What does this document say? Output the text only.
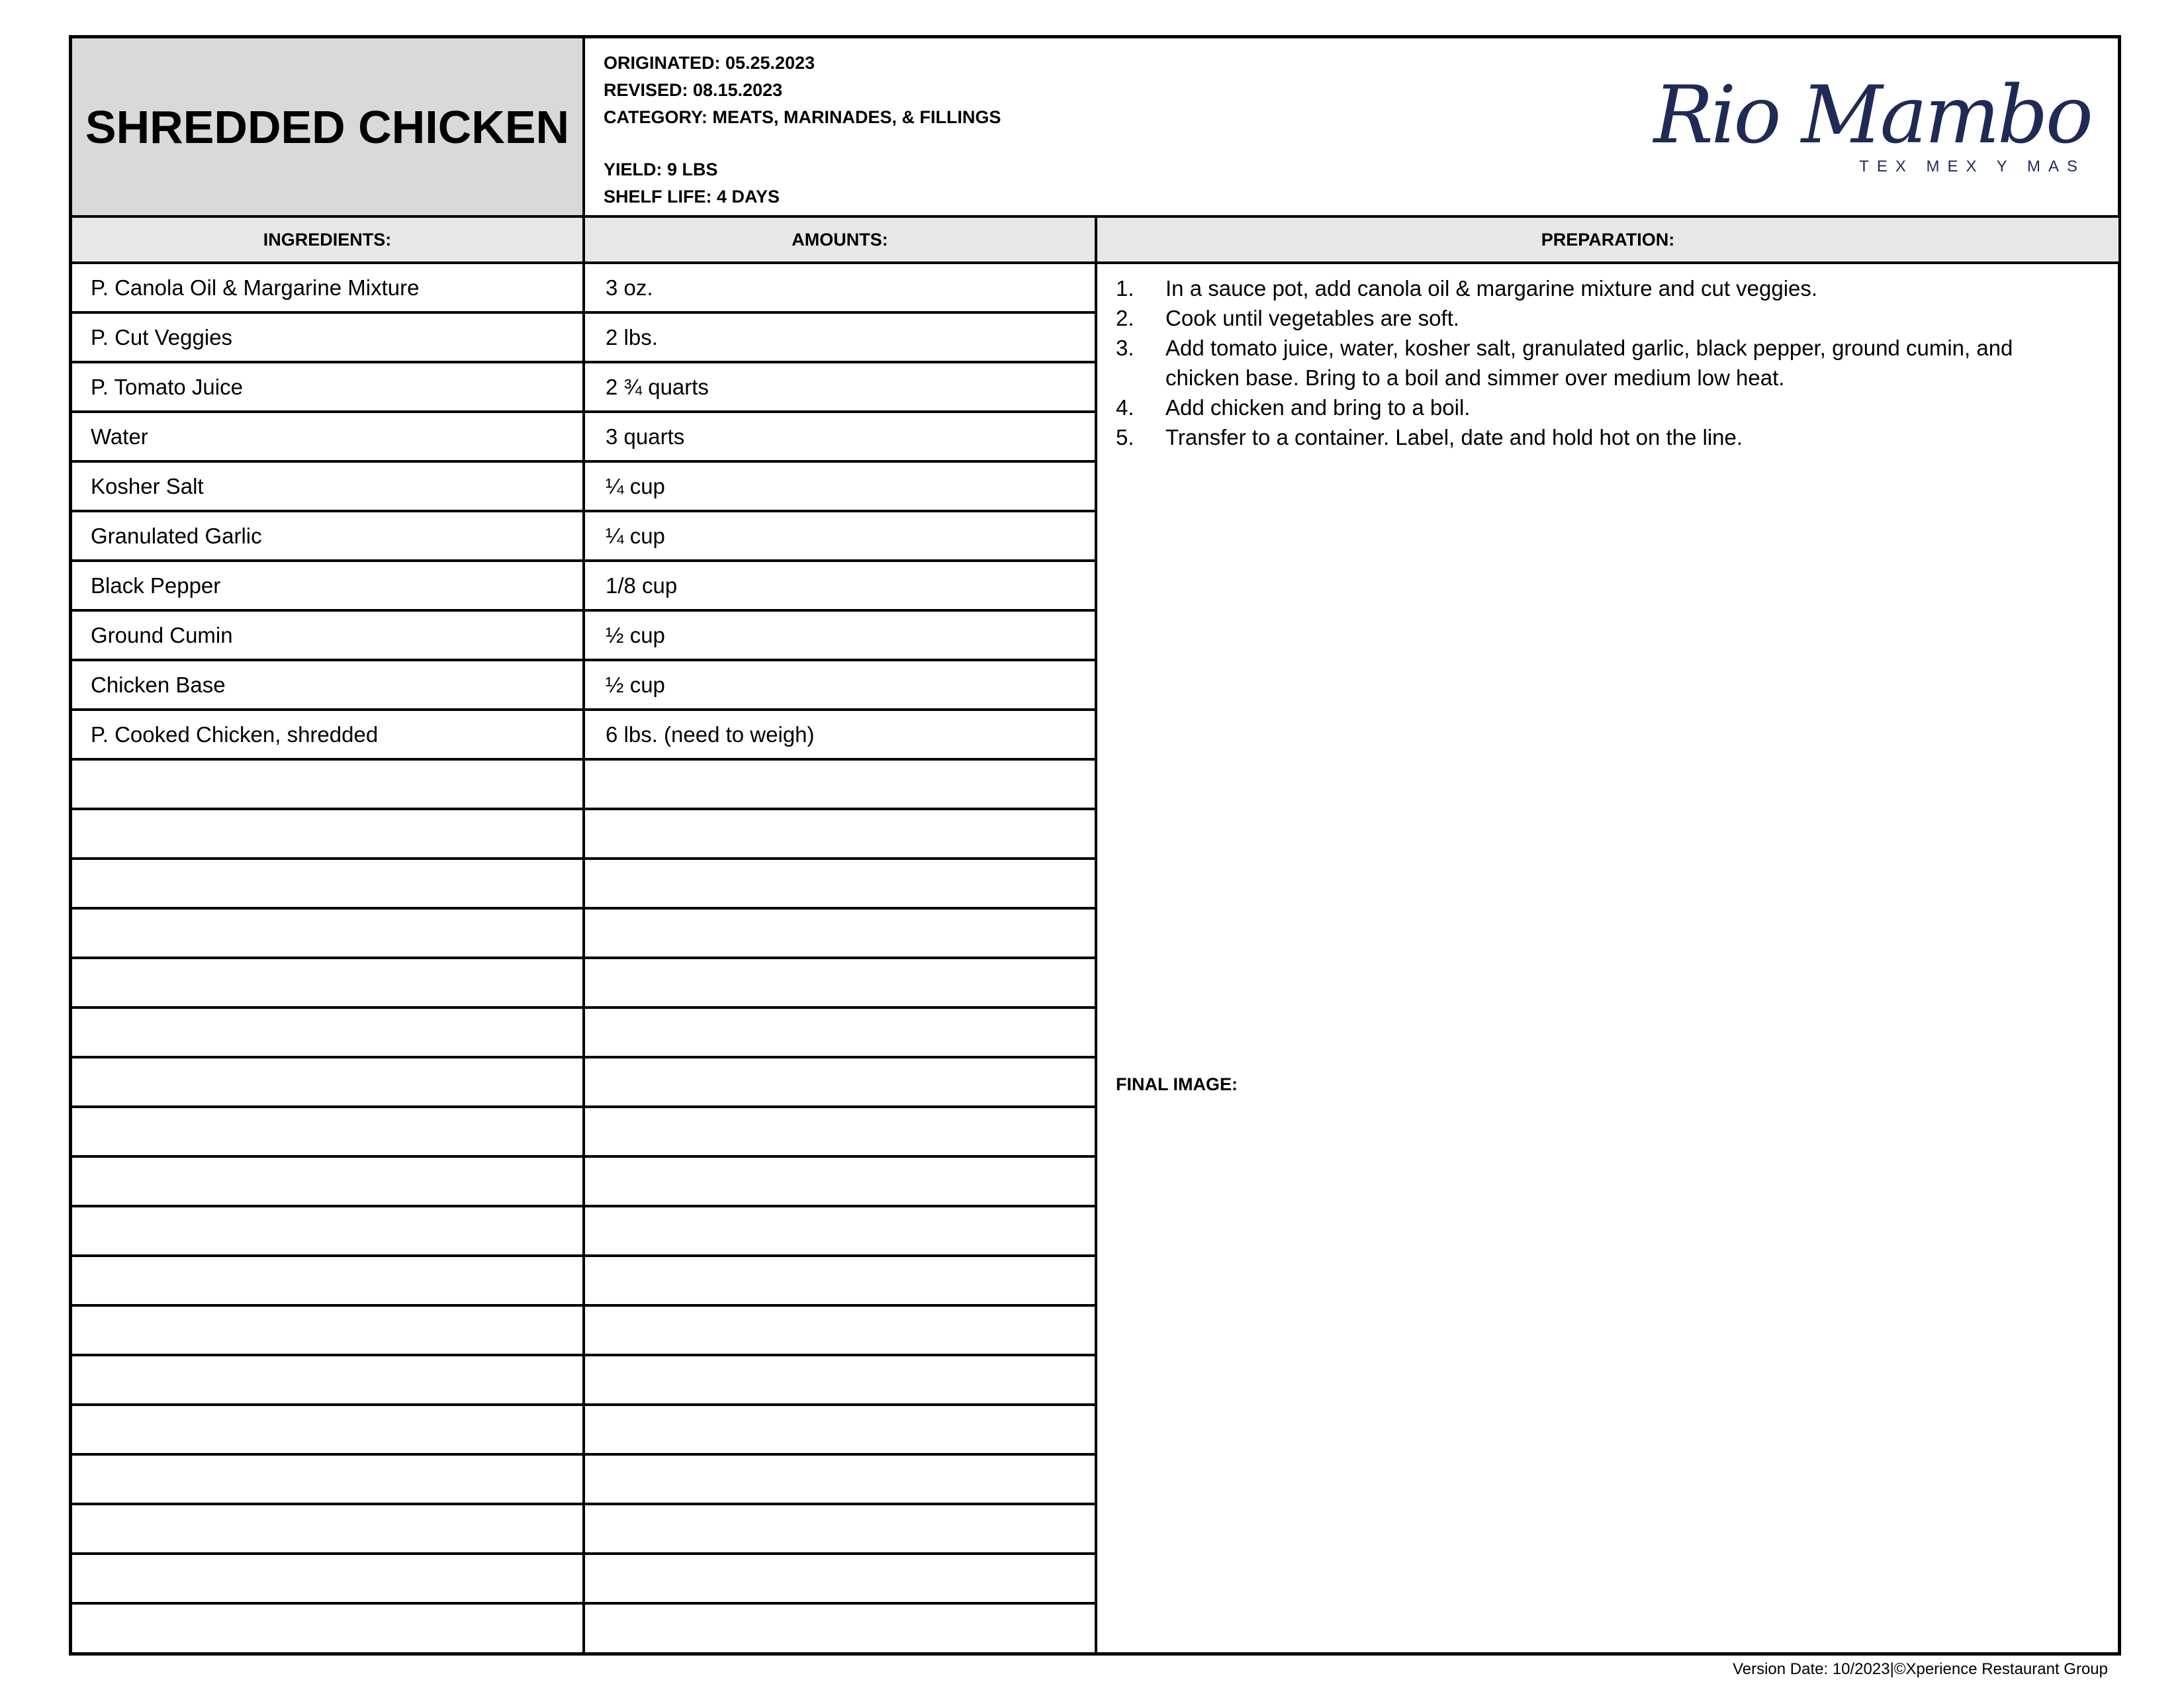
SHREDDED CHICKEN
ORIGINATED: 05.25.2023
REVISED: 08.15.2023
CATEGORY: MEATS, MARINADES, & FILLINGS
YIELD: 9 LBS
SHELF LIFE: 4 DAYS
Rio Mambo
TEX MEX Y MAS
INGREDIENTS:	AMOUNTS:	PREPARATION:
P. Canola Oil & Margarine Mixture	3 oz.
P. Cut Veggies	2 lbs.
P. Tomato Juice	2 ¾ quarts
Water	3 quarts
Kosher Salt	¼ cup
Granulated Garlic	¼ cup
Black Pepper	1/8 cup
Ground Cumin	½ cup
Chicken Base	½ cup
P. Cooked Chicken, shredded	6 lbs. (need to weigh)
1. In a sauce pot, add canola oil & margarine mixture and cut veggies.
2. Cook until vegetables are soft.
3. Add tomato juice, water, kosher salt, granulated garlic, black pepper, ground cumin, and chicken base. Bring to a boil and simmer over medium low heat.
4. Add chicken and bring to a boil.
5. Transfer to a container. Label, date and hold hot on the line.
FINAL IMAGE:
Version Date: 10/2023|©Xperience Restaurant Group
